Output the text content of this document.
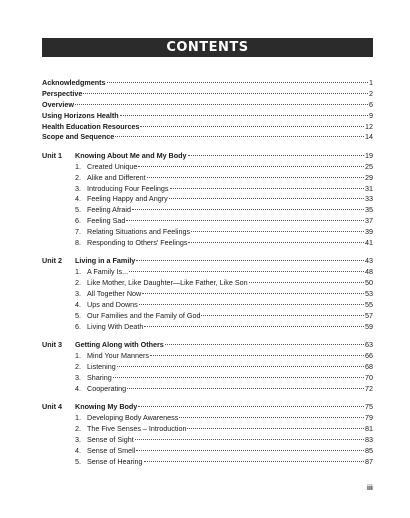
CONTENTS
Acknowledgments	1
Perspective	2
Overview	6
Using Horizons Health	9
Health Education Resources	12
Scope and Sequence	14
Unit 1	Knowing About Me and My Body	19
1. Created Unique	25
2. Alike and Different	29
3. Introducing Four Feelings	31
4. Feeling Happy and Angry	33
5. Feeling Afraid	35
6. Feeling Sad	37
7. Relating Situations and Feelings	39
8. Responding to Others' Feelings	41
Unit 2	Living in a Family	43
1. A Family Is...	48
2. Like Mother, Like Daughter—Like Father, Like Son	50
3. All Together Now	53
4. Ups and Downs	55
5. Our Families and the Family of God	57
6. Living With Death	59
Unit 3	Getting Along with Others	63
1. Mind Your Manners	66
2. Listening	68
3. Sharing	70
4. Cooperating	72
Unit 4	Knowing My Body	75
1. Developing Body Awareness	79
2. The Five Senses – Introduction	81
3. Sense of Sight	83
4. Sense of Smell	85
5. Sense of Hearing	87
iii
